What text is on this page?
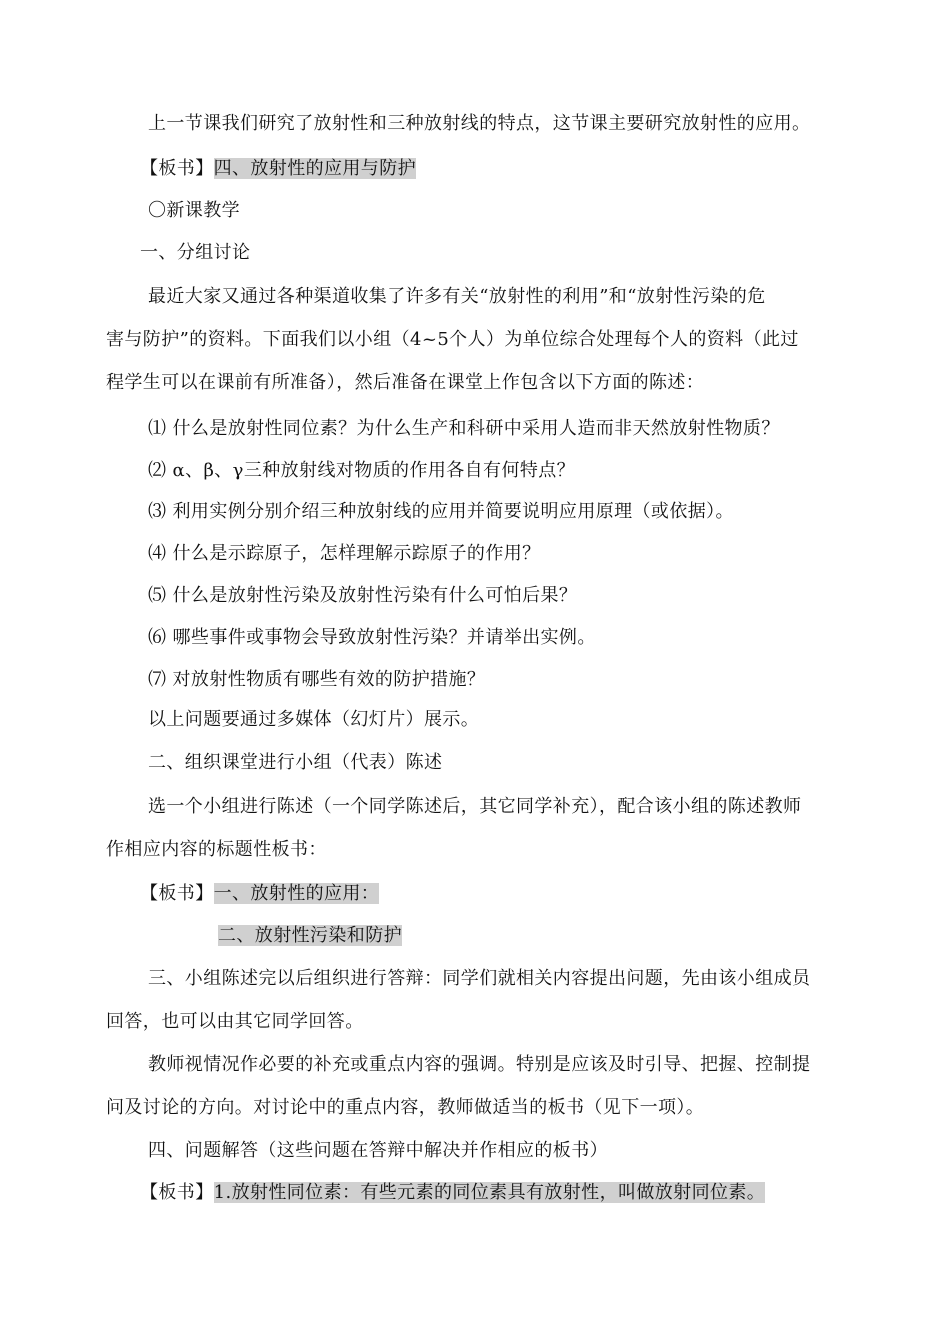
上一节课我们研究了放射性和三种放射线的特点，这节课主要研究放射性的应用。
【板书】四、放射性的应用与防护
〇新课教学
一、分组讨论
最近大家又通过各种渠道收集了许多有关“放射性的利用”和“放射性污染的危
害与防护”的资料。下面我们以小组（4~5个人）为单位综合处理每个人的资料（此过
程学生可以在课前有所准备），然后准备在课堂上作包含以下方面的陈述：
⑴ 什么是放射性同位素？为什么生产和科研中采用人造而非天然放射性物质？
⑵ α、β、γ三种放射线对物质的作用各自有何特点？
⑶ 利用实例分别介绍三种放射线的应用并简要说明应用原理（或依据）。
⑷ 什么是示踪原子，怎样理解示踪原子的作用？
⑸ 什么是放射性污染及放射性污染有什么可怕后果？
⑹ 哪些事件或事物会导致放射性污染？并请举出实例。
⑺ 对放射性物质有哪些有效的防护措施？
以上问题要通过多媒体（幻灯片）展示。
二、组织课堂进行小组（代表）陈述
选一个小组进行陈述（一个同学陈述后，其它同学补充），配合该小组的陈述教师
作相应内容的标题性板书：
【板书】一、放射性的应用：
二、放射性污染和防护
三、小组陈述完以后组织进行答辩：同学们就相关内容提出问题，先由该小组成员
回答，也可以由其它同学回答。
教师视情况作必要的补充或重点内容的强调。特别是应该及时引导、把握、控制提
问及讨论的方向。对讨论中的重点内容，教师做适当的板书（见下一项）。
四、问题解答（这些问题在答辩中解决并作相应的板书）
【板书】1.放射性同位素：有些元素的同位素具有放射性，叫做放射同位素。
